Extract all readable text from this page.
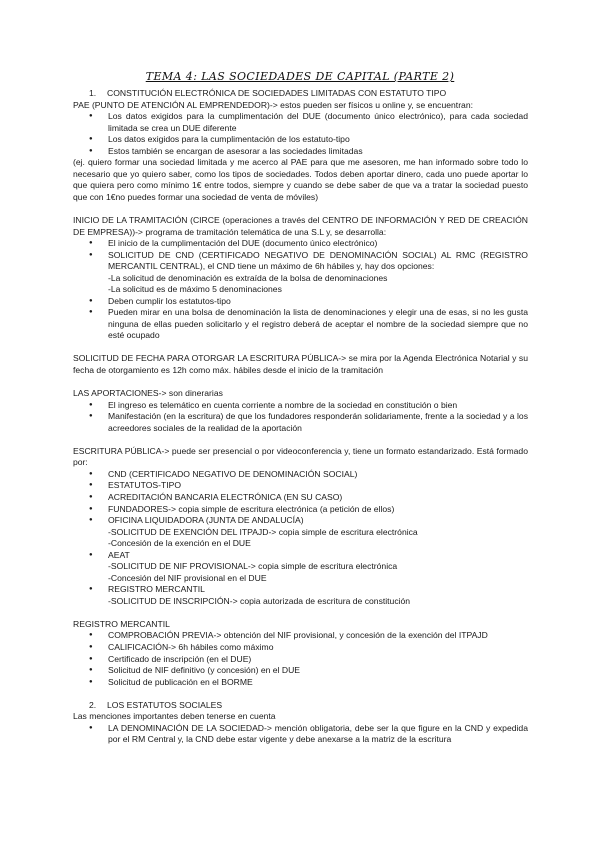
TEMA 4: LAS SOCIEDADES DE CAPITAL (PARTE 2)

1. CONSTITUCIÓN ELECTRÓNICA DE SOCIEDADES LIMITADAS CON ESTATUTO TIPO

PAE (PUNTO DE ATENCIÓN AL EMPRENDEDOR)-> estos pueden ser físicos u online y, se encuentran:

● Los datos exigidos para la cumplimentación del DUE (documento único electrónico), para cada sociedad limitada se crea un DUE diferente
● Los datos exigidos para la cumplimentación de los estatuto-tipo
● Estos también se encargan de asesorar a las sociedades limitadas

(ej. quiero formar una sociedad limitada y me acerco al PAE para que me asesoren, me han informado sobre todo lo necesario que yo quiero saber, como los tipos de sociedades. Todos deben aportar dinero, cada uno puede aportar lo que quiera pero como mínimo 1€ entre todos, siempre y cuando se debe saber de que va a tratar la sociedad puesto que con 1€no puedes formar una sociedad de venta de móviles)

INICIO DE LA TRAMITACIÓN (CIRCE (operaciones a través del CENTRO DE INFORMACIÓN Y RED DE CREACIÓN DE EMPRESA))-> programa de tramitación telemática de una S.L y, se desarrolla:

● El inicio de la cumplimentación del DUE (documento único electrónico)
● SOLICITUD DE CND (CERTIFICADO NEGATIVO DE DENOMINACIÓN SOCIAL) AL RMC (REGISTRO MERCANTIL CENTRAL), el CND tiene un máximo de 6h hábiles y, hay dos opciones:
-La solicitud de denominación es extraída de la bolsa de denominaciones
-La solicitud es de máximo 5 denominaciones
● Deben cumplir los estatutos-tipo
● Pueden mirar en una bolsa de denominación la lista de denominaciones y elegir una de esas, si no les gusta ninguna de ellas pueden solicitarlo y el registro deberá de aceptar el nombre de la sociedad siempre que no esté ocupado

SOLICITUD DE FECHA PARA OTORGAR LA ESCRITURA PÚBLICA-> se mira por la Agenda Electrónica Notarial y su fecha de otorgamiento es 12h como máx. hábiles desde el inicio de la tramitación

LAS APORTACIONES-> son dinerarias

● El ingreso es telemático en cuenta corriente a nombre de la sociedad en constitución o bien
● Manifestación (en la escritura) de que los fundadores responderán solidariamente, frente a la sociedad y a los acreedores sociales de la realidad de la aportación

ESCRITURA PÚBLICA-> puede ser presencial o por videoconferencia y, tiene un formato estandarizado. Está formado por:

● CND (CERTIFICADO NEGATIVO DE DENOMINACIÓN SOCIAL)
● ESTATUTOS-TIPO
● ACREDITACIÓN BANCARIA ELECTRÓNICA (EN SU CASO)
● FUNDADORES-> copia simple de escritura electrónica (a petición de ellos)
● OFICINA LIQUIDADORA (JUNTA DE ANDALUCÍA)
-SOLICITUD DE EXENCIÓN DEL ITPAJD-> copia simple de escritura electrónica
-Concesión de la exención en el DUE
● AEAT
-SOLICITUD DE NIF PROVISIONAL-> copia simple de escritura electrónica
-Concesión del NIF provisional en el DUE
● REGISTRO MERCANTIL
-SOLICITUD DE INSCRIPCIÓN-> copia autorizada de escritura de constitución

REGISTRO MERCANTIL

● COMPROBACIÓN PREVIA-> obtención del NIF provisional, y concesión de la exención del ITPAJD
● CALIFICACIÓN-> 6h hábiles como máximo
● Certificado de inscripción (en el DUE)
● Solicitud de NIF definitivo (y concesión) en el DUE
● Solicitud de publicación en el BORME

2. LOS ESTATUTOS SOCIALES

Las menciones importantes deben tenerse en cuenta

● LA DENOMINACIÓN DE LA SOCIEDAD-> mención obligatoria, debe ser la que figure en la CND y expedida por el RM Central y, la CND debe estar vigente y debe anexarse a la matriz de la escritura
